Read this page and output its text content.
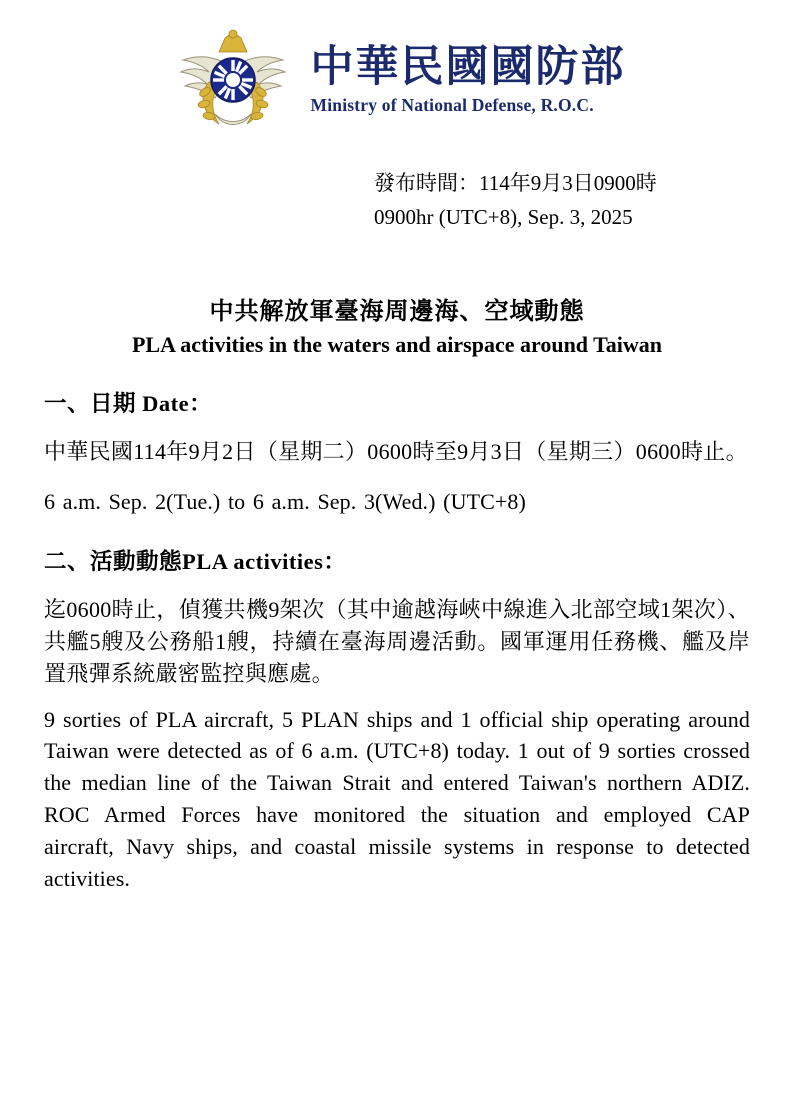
中華民國國防部
Ministry of National Defense, R.O.C.
發布時間：114年9月3日0900時
0900hr (UTC+8), Sep. 3, 2025
中共解放軍臺海周邊海、空域動態
PLA activities in the waters and airspace around Taiwan
一、日期 Date：
中華民國114年9月2日（星期二）0600時至9月3日（星期三）0600時止。
6 a.m. Sep. 2(Tue.) to 6 a.m. Sep. 3(Wed.) (UTC+8)
二、活動動態PLA activities：
迄0600時止，偵獲共機9架次（其中逾越海峽中線進入北部空域1架次）、共艦5艘及公務船1艘，持續在臺海周邊活動。國軍運用任務機、艦及岸置飛彈系統嚴密監控與應處。
9 sorties of PLA aircraft, 5 PLAN ships and 1 official ship operating around Taiwan were detected as of 6 a.m. (UTC+8) today. 1 out of 9 sorties crossed the median line of the Taiwan Strait and entered Taiwan's northern ADIZ. ROC Armed Forces have monitored the situation and employed CAP aircraft, Navy ships, and coastal missile systems in response to detected activities.
